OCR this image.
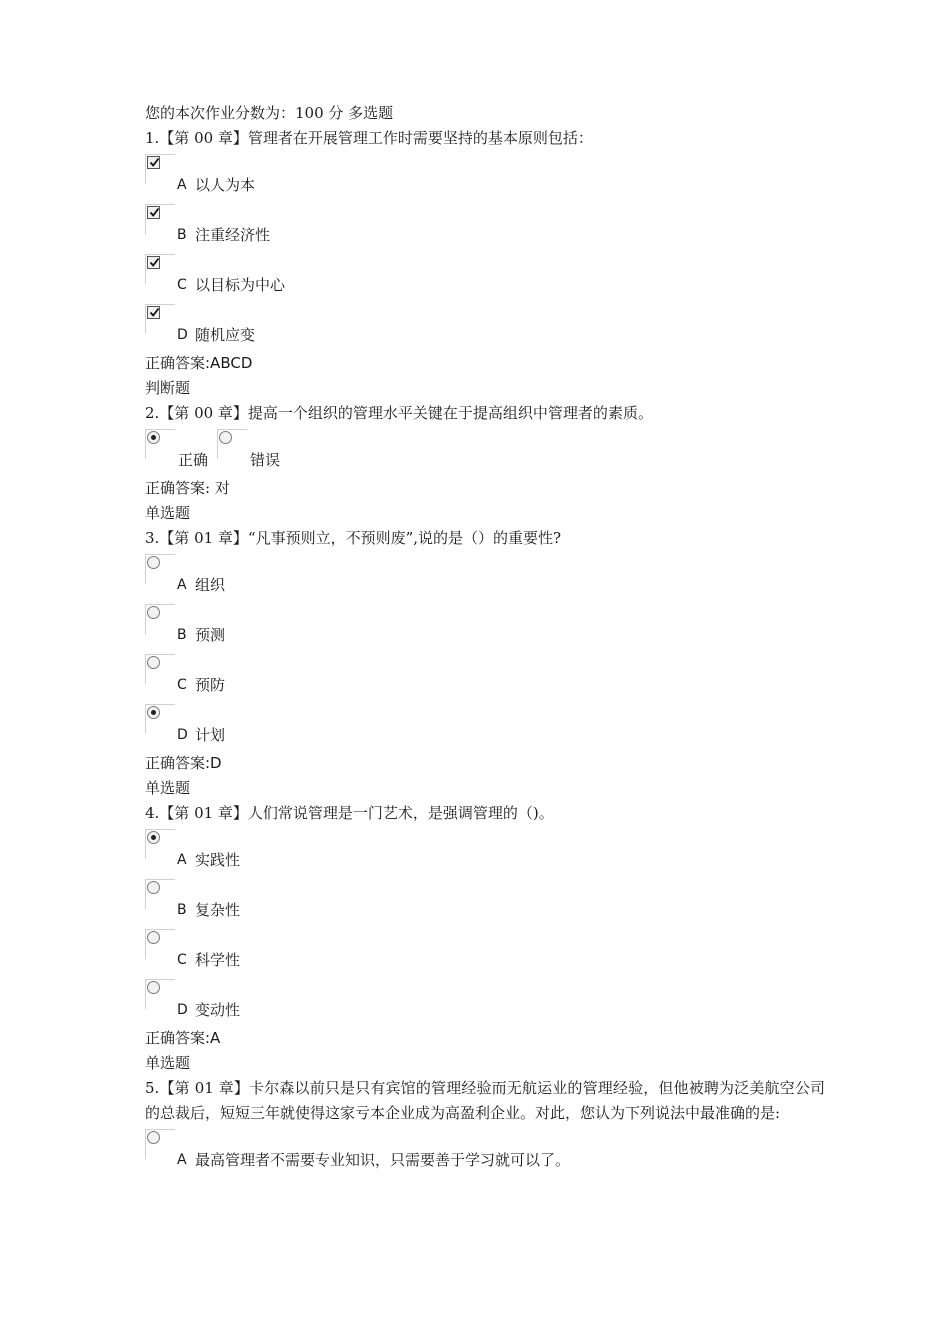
您的本次作业分数为：100 分 多选题
1.【第 00 章】管理者在开展管理工作时需要坚持的基本原则包括：
A 以人为本
B 注重经济性
C 以目标为中心
D 随机应变
正确答案:ABCD
判断题
2.【第 00 章】提高一个组织的管理水平关键在于提高组织中管理者的素质。
正确	错误
正确答案: 对
单选题
3.【第 01 章】“凡事预则立，不预则废”,说的是（）的重要性?
A 组织
B 预测
C 预防
D 计划
正确答案:D
单选题
4.【第 01 章】人们常说管理是一门艺术，是强调管理的（)。
A 实践性
B 复杂性
C 科学性
D 变动性
正确答案:A
单选题
5.【第 01 章】卡尔森以前只是只有宾馆的管理经验而无航运业的管理经验，但他被聘为泛美航空公司的总裁后，短短三年就使得这家亏本企业成为高盈利企业。对此，您认为下列说法中最准确的是:
A 最高管理者不需要专业知识，只需要善于学习就可以了。
